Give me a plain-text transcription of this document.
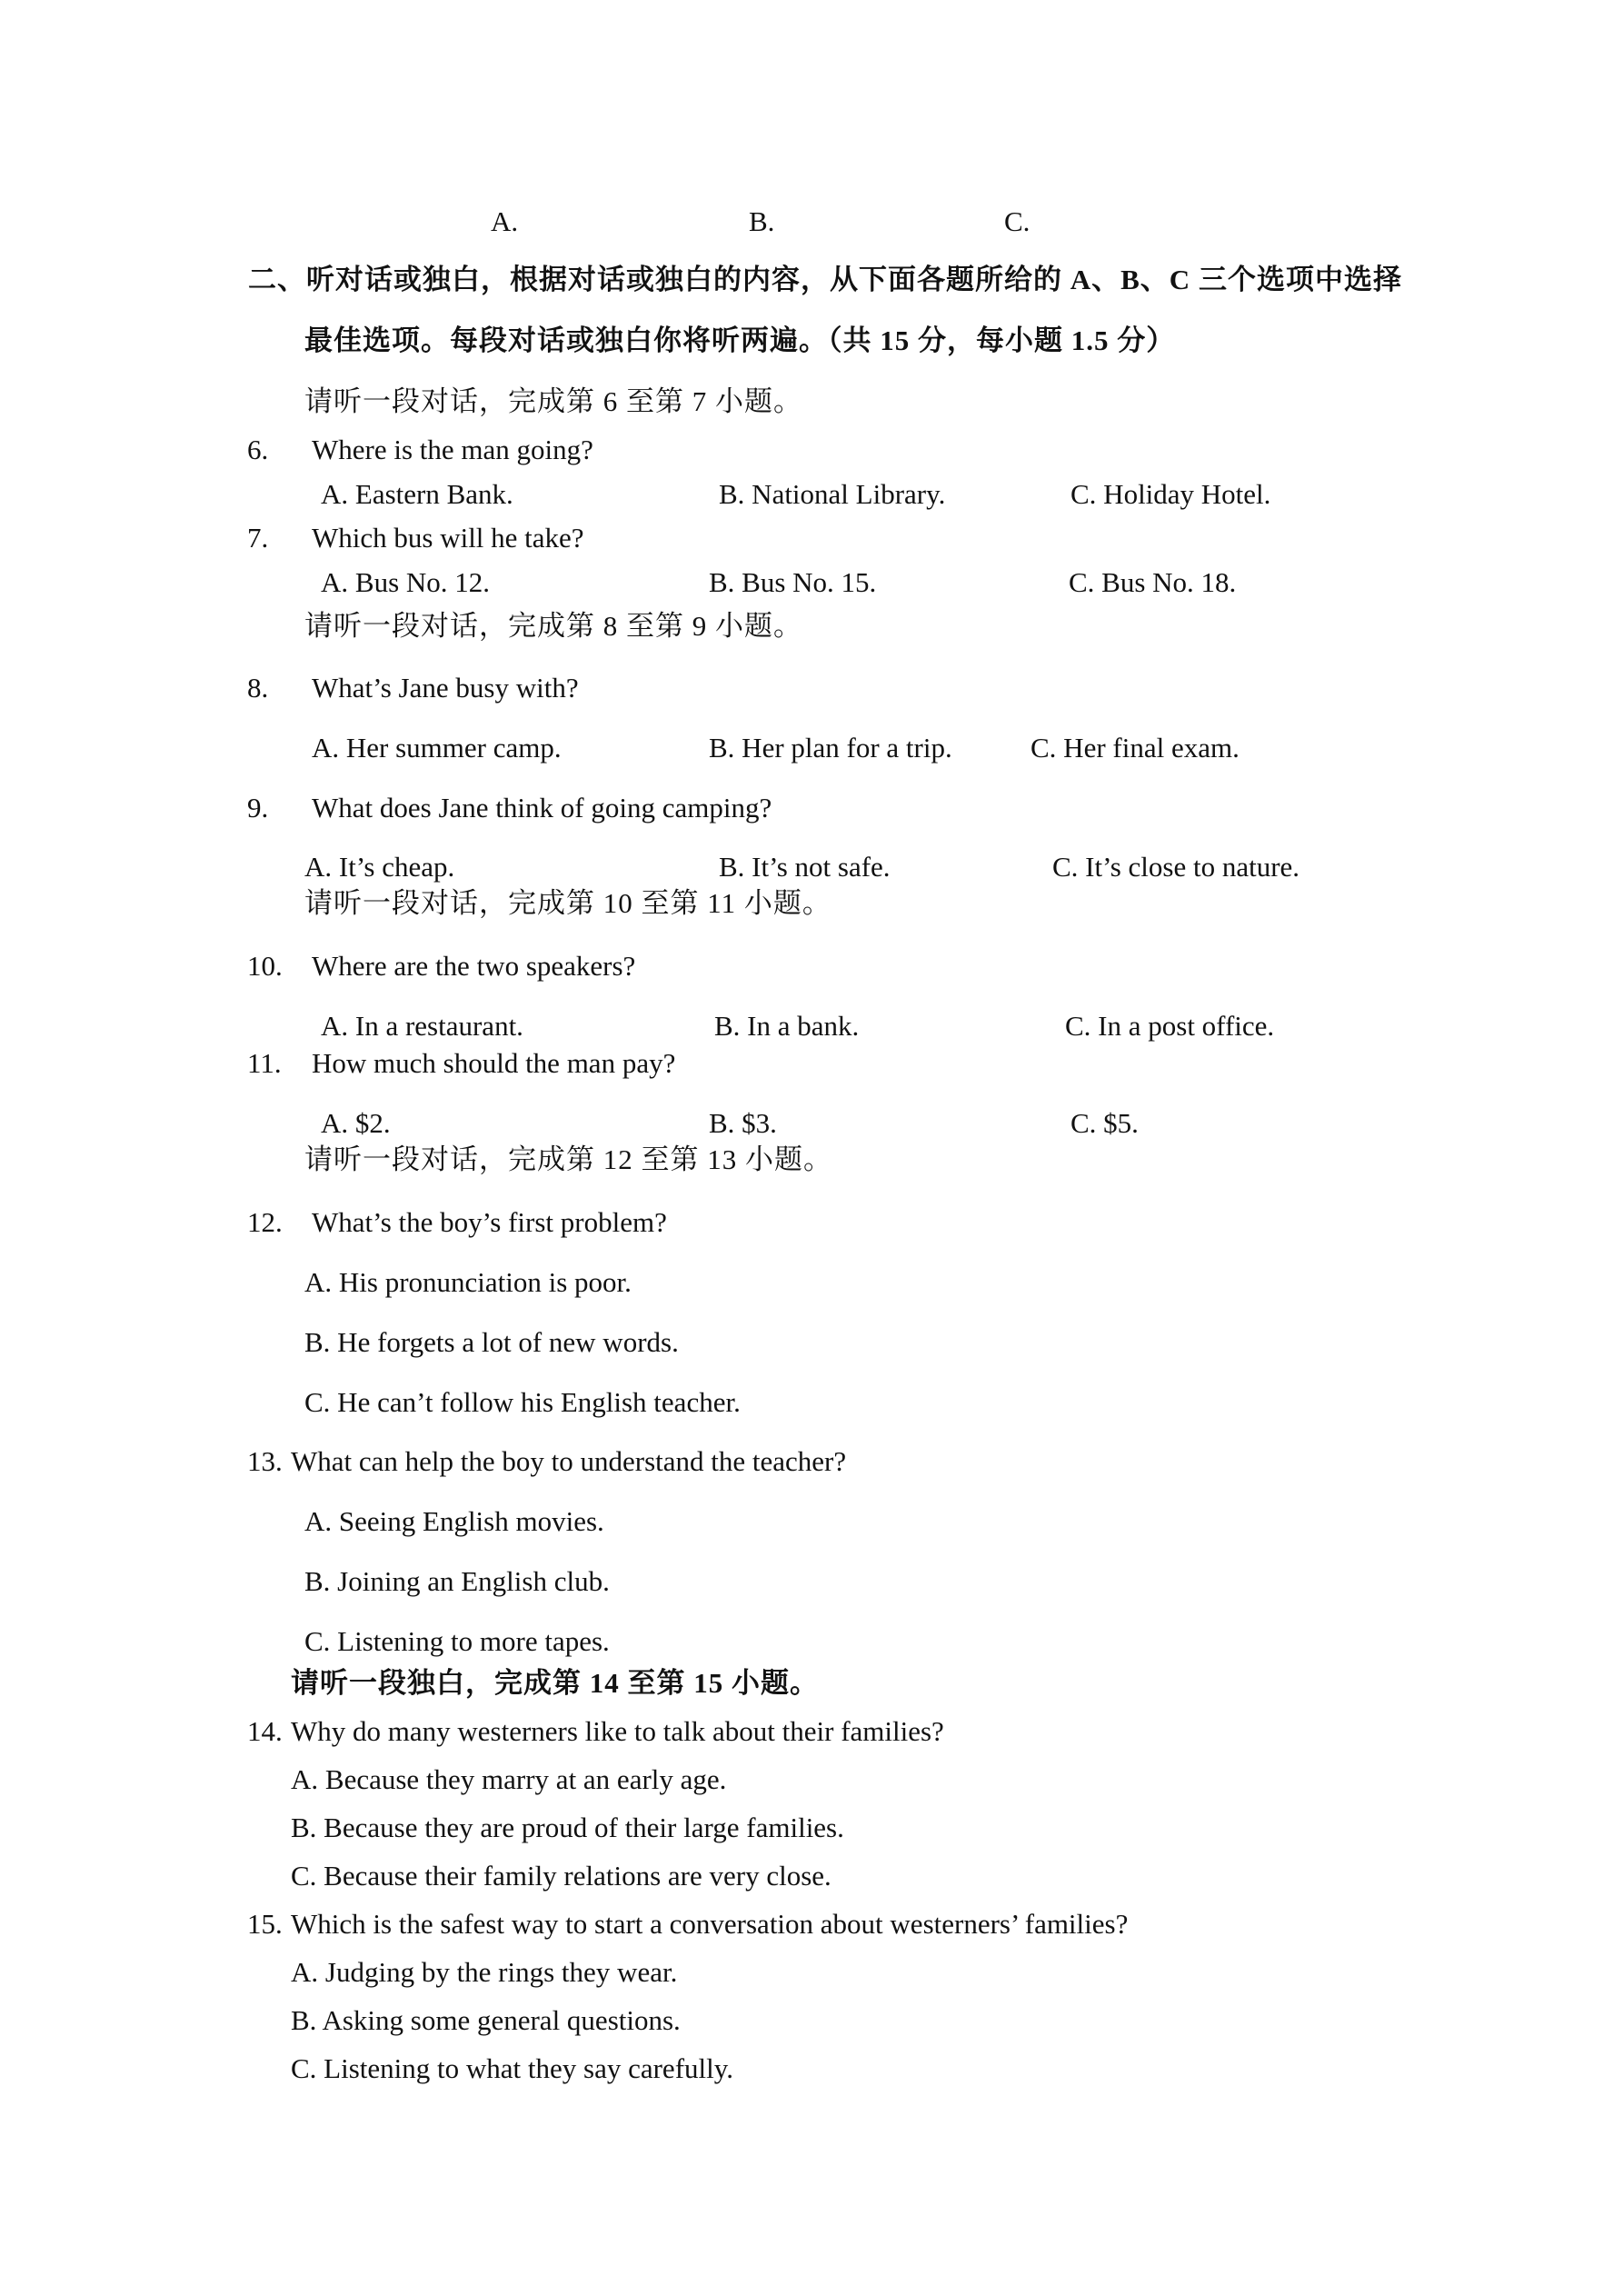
A.	B.	C.

二、听对话或独白，根据对话或独白的内容，从下面各题所给的 A、B、C 三个选项中选择

最佳选项。每段对话或独白你将听两遍。（共 15 分，每小题 1.5 分）

请听一段对话，完成第 6 至第 7 小题。

6. Where is the man going?

A. Eastern Bank.	B. National Library.	C. Holiday Hotel.

7. Which bus will he take?

A. Bus No. 12.	B. Bus No. 15.	C. Bus No. 18.

请听一段对话，完成第 8 至第 9 小题。

8. What’s Jane busy with?

A. Her summer camp.	B. Her plan for a trip.	C. Her final exam.

9. What does Jane think of going camping?

A. It’s cheap.	B. It’s not safe.	C. It’s close to nature.

请听一段对话，完成第 10 至第 11 小题。

10. Where are the two speakers?

A. In a restaurant.	B. In a bank.	C. In a post office.

11. How much should the man pay?

A. $2.	B. $3.	C. $5.

请听一段对话，完成第 12 至第 13 小题。

12. What’s the boy’s first problem?

A. His pronunciation is poor.

B. He forgets a lot of new words.

C. He can’t follow his English teacher.

13. What can help the boy to understand the teacher?

A. Seeing English movies.

B. Joining an English club.

C. Listening to more tapes.

请听一段独白，完成第 14 至第 15 小题。

14. Why do many westerners like to talk about their families?

A. Because they marry at an early age.

B. Because they are proud of their large families.

C. Because their family relations are very close.

15. Which is the safest way to start a conversation about westerners’ families?

A. Judging by the rings they wear.

B. Asking some general questions.

C. Listening to what they say carefully.
